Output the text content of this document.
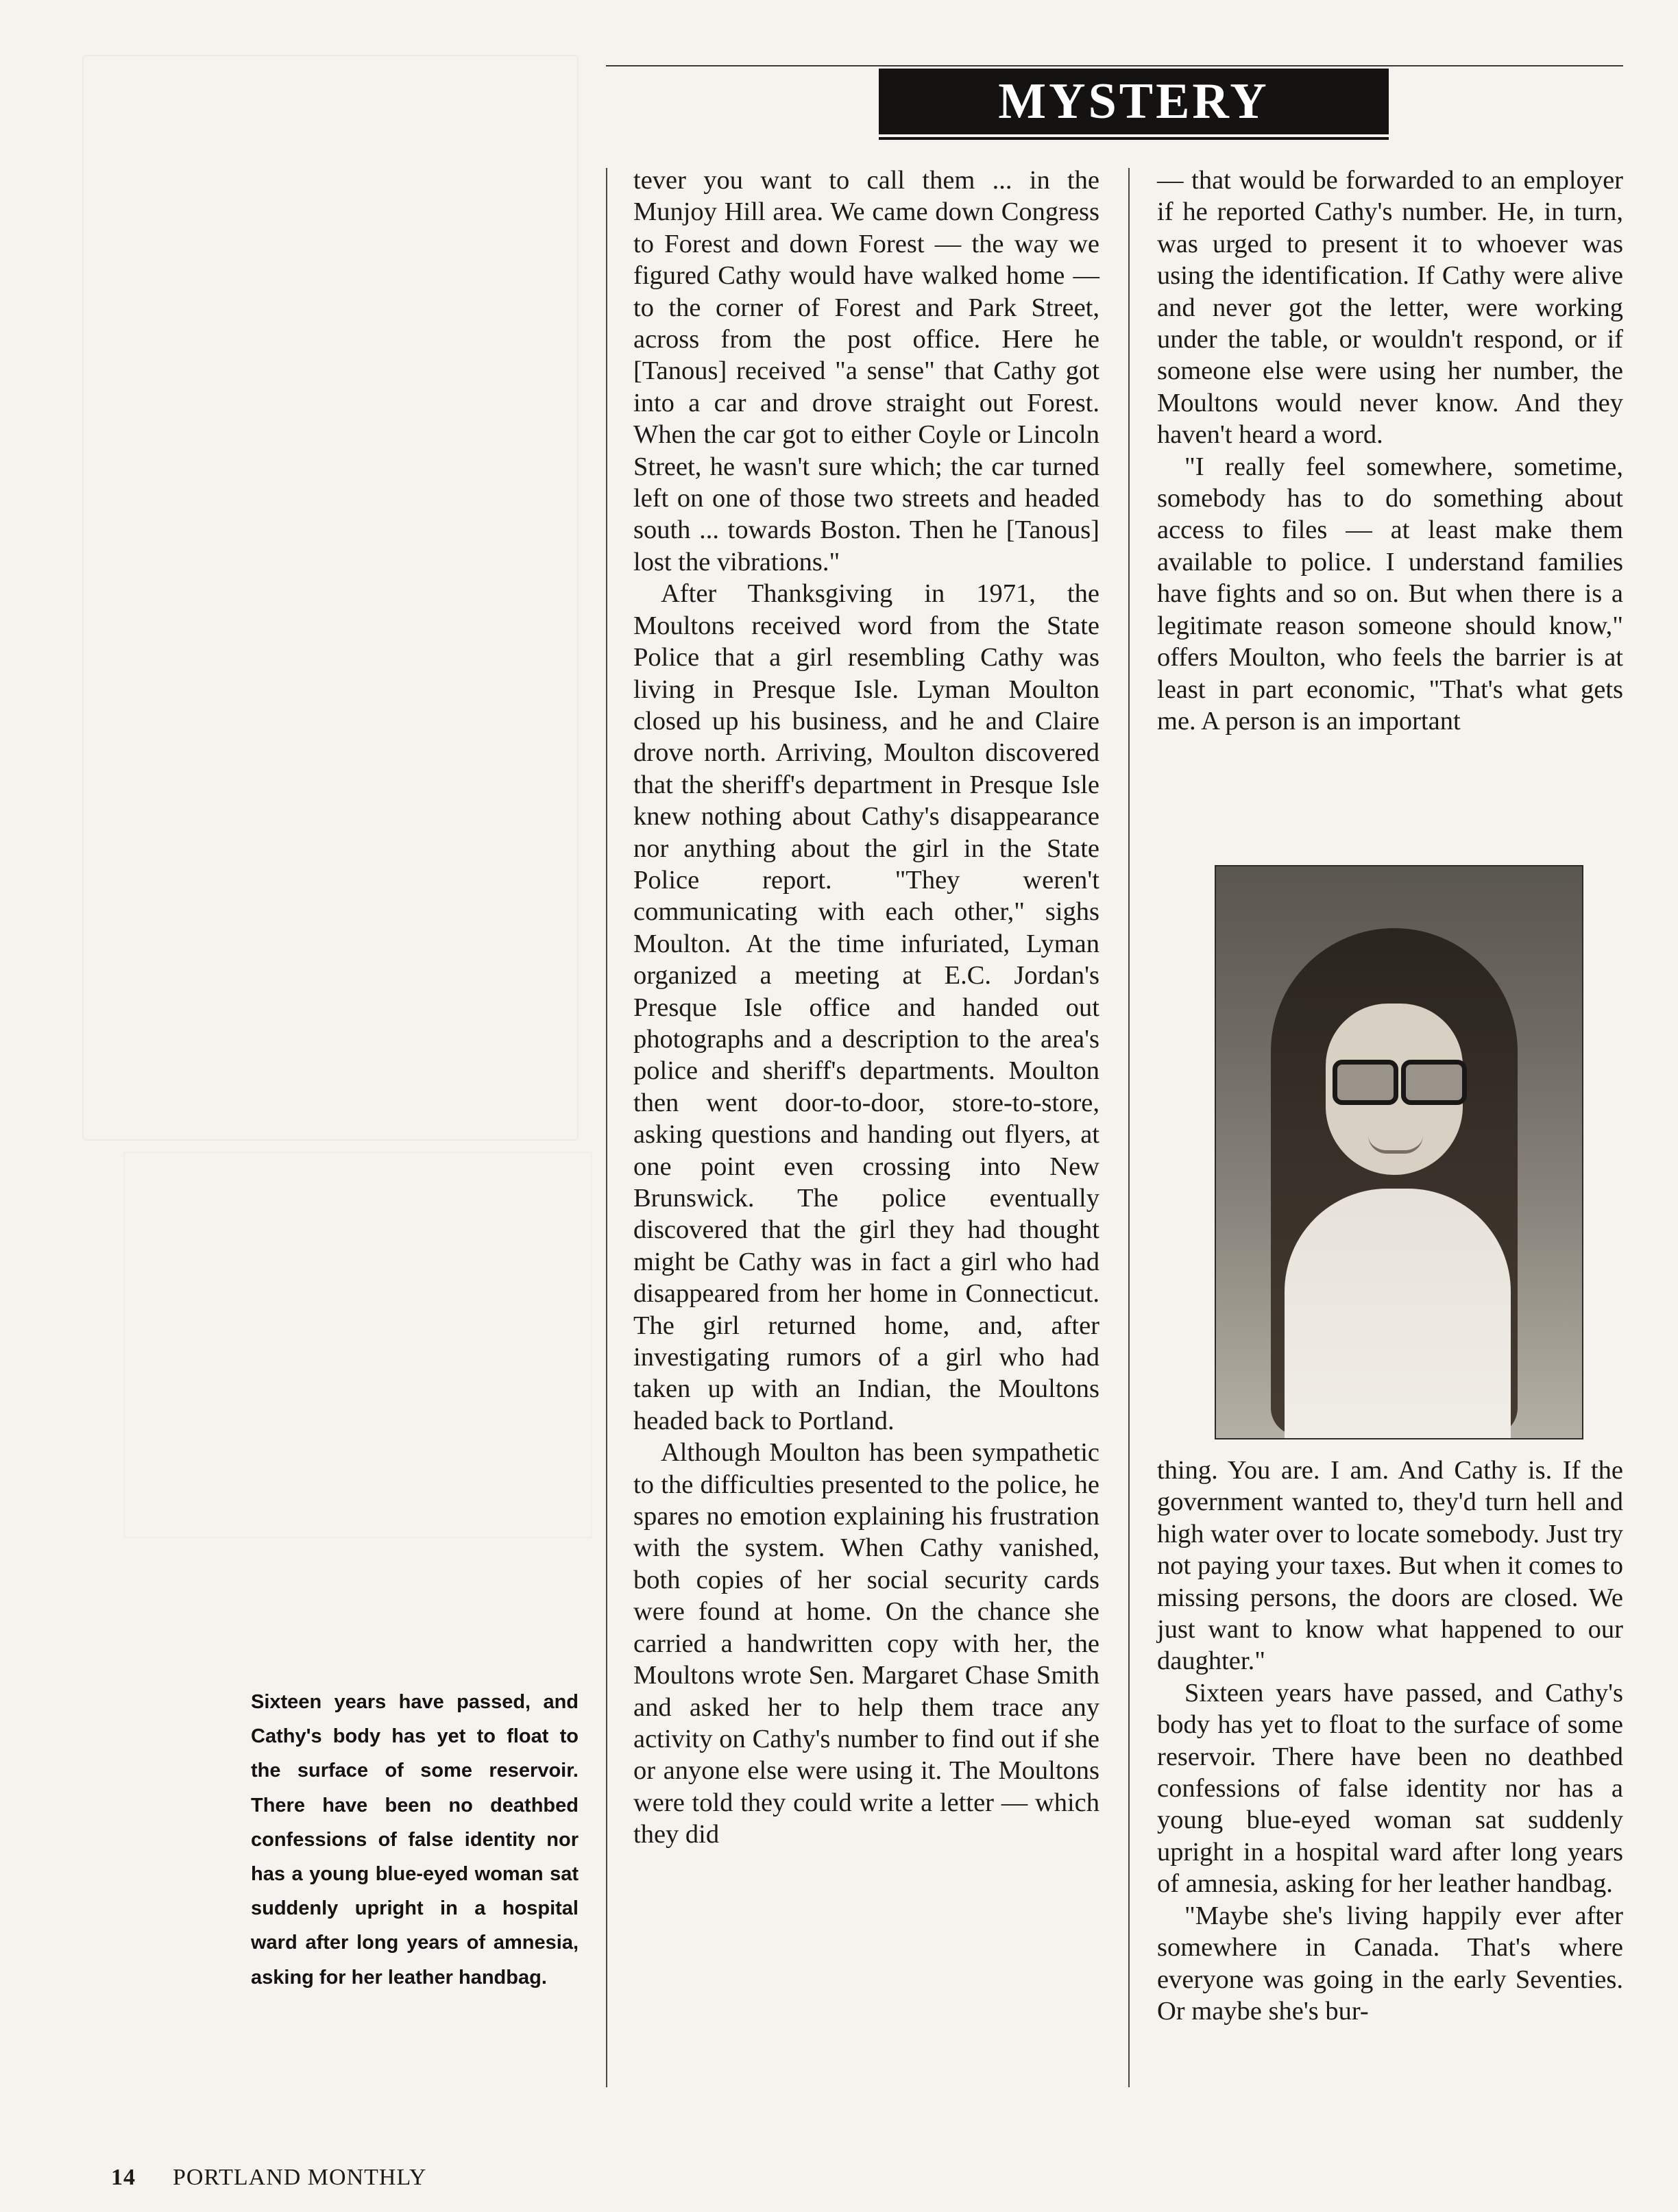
MYSTERY

tever you want to call them ... in the Munjoy Hill area. We came down Congress to Forest and down Forest — the way we figured Cathy would have walked home — to the corner of Forest and Park Street, across from the post office. Here he [Tanous] received "a sense" that Cathy got into a car and drove straight out Forest. When the car got to either Coyle or Lincoln Street, he wasn't sure which; the car turned left on one of those two streets and headed south ... towards Boston. Then he [Tanous] lost the vibrations."

After Thanksgiving in 1971, the Moultons received word from the State Police that a girl resembling Cathy was living in Presque Isle. Lyman Moulton closed up his business, and he and Claire drove north. Arriving, Moulton discovered that the sheriff's department in Presque Isle knew nothing about Cathy's disappearance nor anything about the girl in the State Police report. "They weren't communicating with each other," sighs Moulton. At the time infuriated, Lyman organized a meeting at E.C. Jordan's Presque Isle office and handed out photographs and a description to the area's police and sheriff's departments. Moulton then went door-to-door, store-to-store, asking questions and handing out flyers, at one point even crossing into New Brunswick. The police eventually discovered that the girl they had thought might be Cathy was in fact a girl who had disappeared from her home in Connecticut. The girl returned home, and, after investigating rumors of a girl who had taken up with an Indian, the Moultons headed back to Portland.

Although Moulton has been sympathetic to the difficulties presented to the police, he spares no emotion explaining his frustration with the system. When Cathy vanished, both copies of her social security cards were found at home. On the chance she carried a handwritten copy with her, the Moultons wrote Sen. Margaret Chase Smith and asked her to help them trace any activity on Cathy's number to find out if she or anyone else were using it. The Moultons were told they could write a letter — which they did

— that would be forwarded to an employer if he reported Cathy's number. He, in turn, was urged to present it to whoever was using the identification. If Cathy were alive and never got the letter, were working under the table, or wouldn't respond, or if someone else were using her number, the Moultons would never know. And they haven't heard a word.

"I really feel somewhere, sometime, somebody has to do something about access to files — at least make them available to police. I understand families have fights and so on. But when there is a legitimate reason someone should know," offers Moulton, who feels the barrier is at least in part economic, "That's what gets me. A person is an important

thing. You are. I am. And Cathy is. If the government wanted to, they'd turn hell and high water over to locate somebody. Just try not paying your taxes. But when it comes to missing persons, the doors are closed. We just want to know what happened to our daughter."

Sixteen years have passed, and Cathy's body has yet to float to the surface of some reservoir. There have been no deathbed confessions of false identity nor has a young blue-eyed woman sat suddenly upright in a hospital ward after long years of amnesia, asking for her leather handbag.

"Maybe she's living happily ever after somewhere in Canada. That's where everyone was going in the early Seventies. Or maybe she's bur-

Sixteen years have passed, and Cathy's body has yet to float to the surface of some reservoir. There have been no deathbed confessions of false identity nor has a young blue-eyed woman sat suddenly upright in a hospital ward after long years of amnesia, asking for her leather handbag.
14 PORTLAND MONTHLY
